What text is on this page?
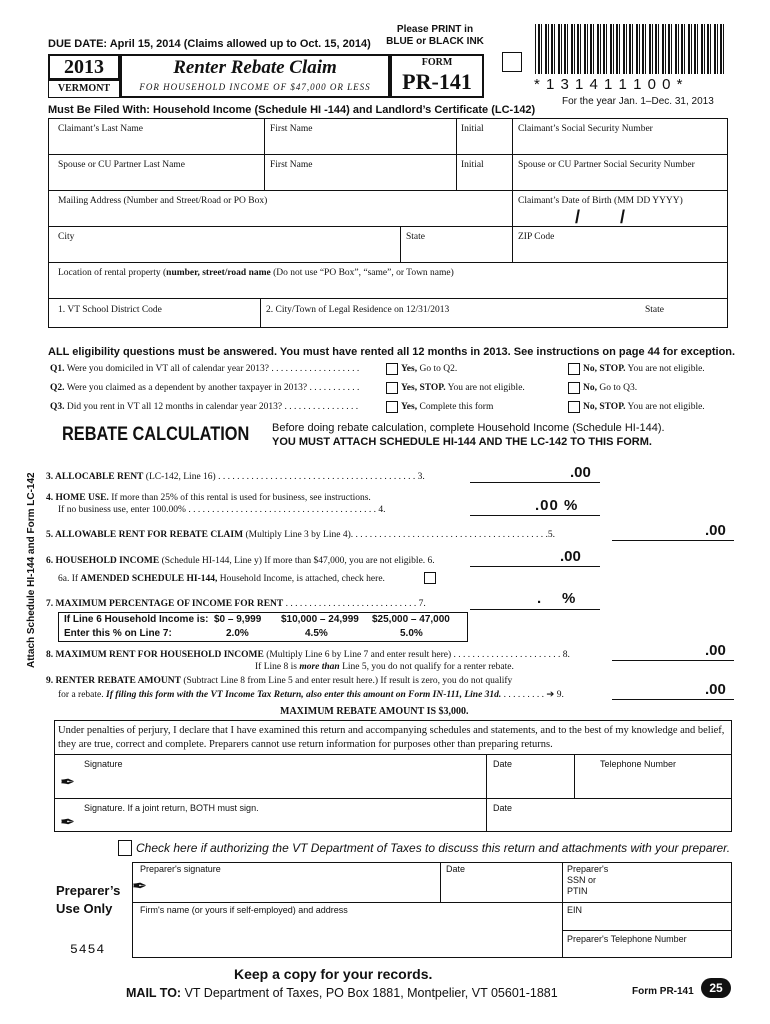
DUE DATE: April 15, 2014 (Claims allowed up to Oct. 15, 2014)
Please PRINT in
BLUE or BLACK INK
* 1 3 1 4 1 1 1 0 0 *
For the year Jan. 1–Dec. 31, 2013
2013
VERMONT
Renter Rebate Claim
FOR HOUSEHOLD INCOME OF $47,000 OR LESS
FORM
PR-141
Must Be Filed With: Household Income (Schedule HI -144) and Landlord’s Certificate (LC-142)
Claimant’s Last Name	First Name	Initial	Claimant’s Social Security Number
Spouse or CU Partner Last Name	First Name	Initial	Spouse or CU Partner Social Security Number
Mailing Address (Number and Street/Road or PO Box)	Claimant’s Date of Birth (MM DD YYYY)
/        /
City	State	ZIP Code
Location of rental property (number, street/road name (Do not use “PO Box”, “same”, or Town name)
1. VT School District Code	2. City/Town of Legal Residence on 12/31/2013	State
ALL eligibility questions must be answered. You must have rented all 12 months in 2013. See instructions on page 44 for exception.
Q1. Were you domiciled in VT all of calendar year 2013? . . . . . . . . . . . . . . . . . . .	Yes, Go to Q2.	No, STOP. You are not eligible.
Q2. Were you claimed as a dependent by another taxpayer in 2013? . . . . . . . . . . .	Yes, STOP. You are not eligible.	No, Go to Q3.
Q3. Did you rent in VT all 12 months in calendar year 2013? . . . . . . . . . . . . . . . .	Yes, Complete this form	No, STOP. You are not eligible.
REBATE CALCULATION Before doing rebate calculation, complete Household Income (Schedule HI-144).
YOU MUST ATTACH SCHEDULE HI-144 AND THE LC-142 TO THIS FORM.
Attach Schedule HI-144 and Form LC-142 3. ALLOCABLE RENT (LC-142, Line 16) . . . . . . . . . . . . . . . . . . . . . . . . . . . . . . . . . . . . . . . . . . 3.	.00
4. HOME USE. If more than 25% of this rental is used for business, see instructions.
If no business use, enter 100.00% . . . . . . . . . . . . . . . . . . . . . . . . . . . . . . . . . . . . . . . . 4.	.00 %
5. ALLOWABLE RENT FOR REBATE CLAIM (Multiply Line 3 by Line 4). . . . . . . . . . . . . . . . . . . . . . . . . . . . . . . . . . . . . . . . . .5.	.00
6. HOUSEHOLD INCOME (Schedule HI-144, Line y) If more than $47,000, you are not eligible. 6.	.00
6a. If AMENDED SCHEDULE HI-144, Household Income, is attached, check here.
7. MAXIMUM PERCENTAGE OF INCOME FOR RENT . . . . . . . . . . . . . . . . . . . . . . . . . . . . 7.	.     %
If Line 6 Household Income is: $0 – 9,999 $10,000 – 24,999 $25,000 – 47,000
Enter this % on Line 7:	2.0%	4.5%	5.0%
8. MAXIMUM RENT FOR HOUSEHOLD INCOME (Multiply Line 6 by Line 7 and enter result here) . . . . . . . . . . . . . . . . . . . . . . . 8.	.00
If Line 8 is more than Line 5, you do not qualify for a renter rebate.
9. RENTER REBATE AMOUNT (Subtract Line 8 from Line 5 and enter result here.) If result is zero, you do not qualify
for a rebate. If filing this form with the VT Income Tax Return, also enter this amount on Form IN-111, Line 31d. . . . . . . . . . ➔ 9.	.00
MAXIMUM REBATE AMOUNT IS $3,000.
Under penalties of perjury, I declare that I have examined this return and accompanying schedules and statements, and to the best of my knowledge and belief, they are true, correct and complete. Preparers cannot use return information for purposes other than preparing returns.
Signature	Date	Telephone Number
✒
Signature. If a joint return, BOTH must sign.	Date
✒
Check here if authorizing the VT Department of Taxes to discuss this return and attachments with your preparer.
Preparer’s
Use Only
Preparer's signature
✒
Date	Preparer's
SSN or
PTIN
Firm's name (or yours if self-employed) and address	EIN
Preparer's Telephone Number
5454
Keep a copy for your records.
MAIL TO: VT Department of Taxes, PO Box 1881, Montpelier, VT 05601-1881	Form PR-141	25
